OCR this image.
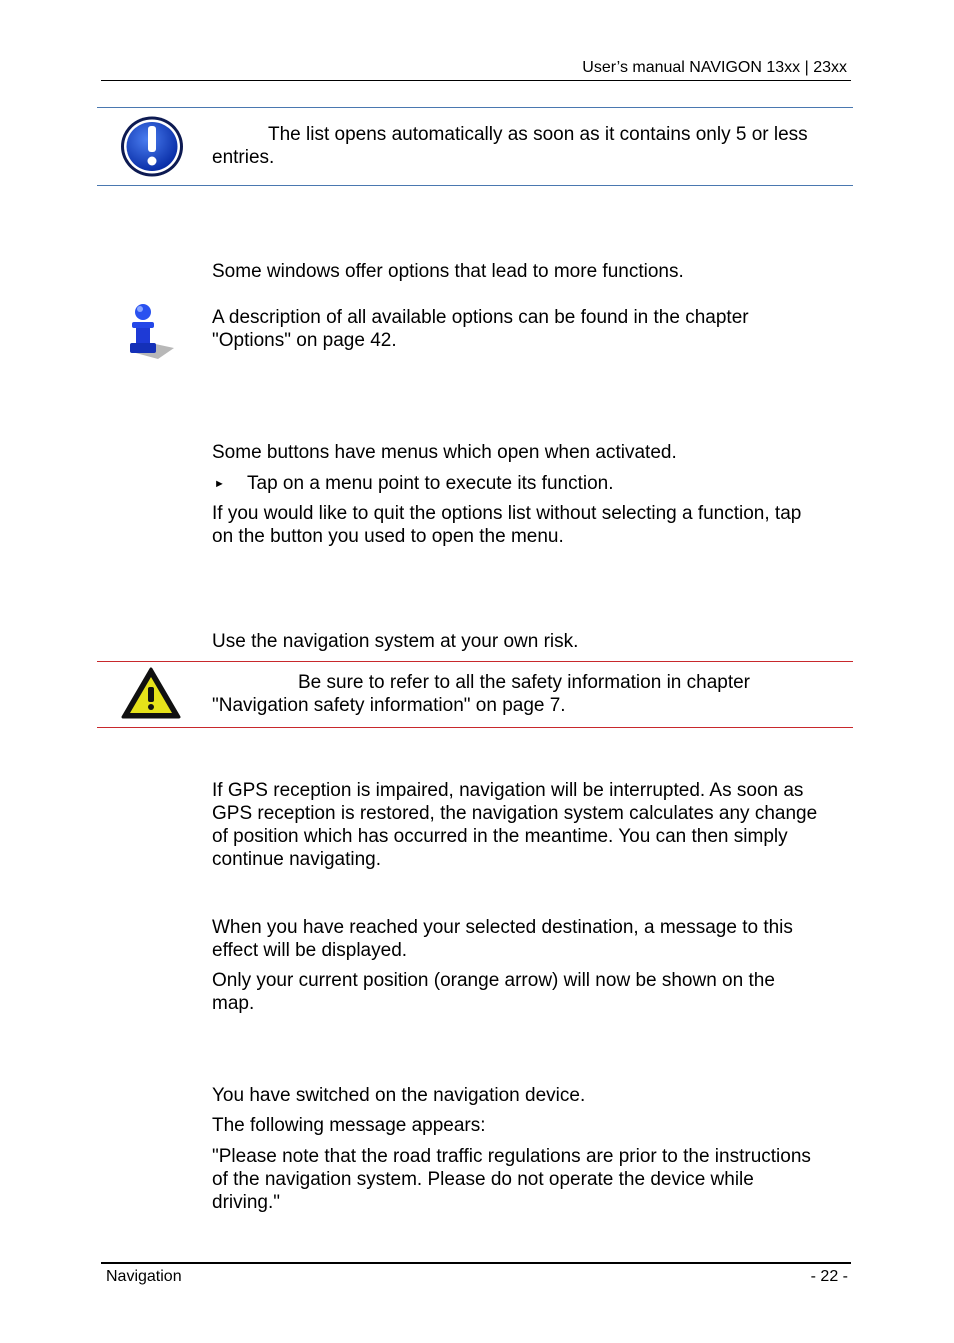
User’s manual NAVIGON 13xx | 23xx
The list opens automatically as soon as it contains only 5 or less
entries.
Some windows offer options that lead to more functions.
A description of all available options can be found in the chapter
"Options" on page 42.
Some buttons have menus which open when activated.
► Tap on a menu point to execute its function.
If you would like to quit the options list without selecting a function, tap
on the button you used to open the menu.
Use the navigation system at your own risk.
Be sure to refer to all the safety information in chapter
"Navigation safety information" on page 7.
If GPS reception is impaired, navigation will be interrupted. As soon as
GPS reception is restored, the navigation system calculates any change
of position which has occurred in the meantime. You can then simply
continue navigating.
When you have reached your selected destination, a message to this
effect will be displayed.
Only your current position (orange arrow) will now be shown on the
map.
You have switched on the navigation device.
The following message appears:
"Please note that the road traffic regulations are prior to the instructions
of the navigation system. Please do not operate the device while
driving."
Navigation	- 22 -
